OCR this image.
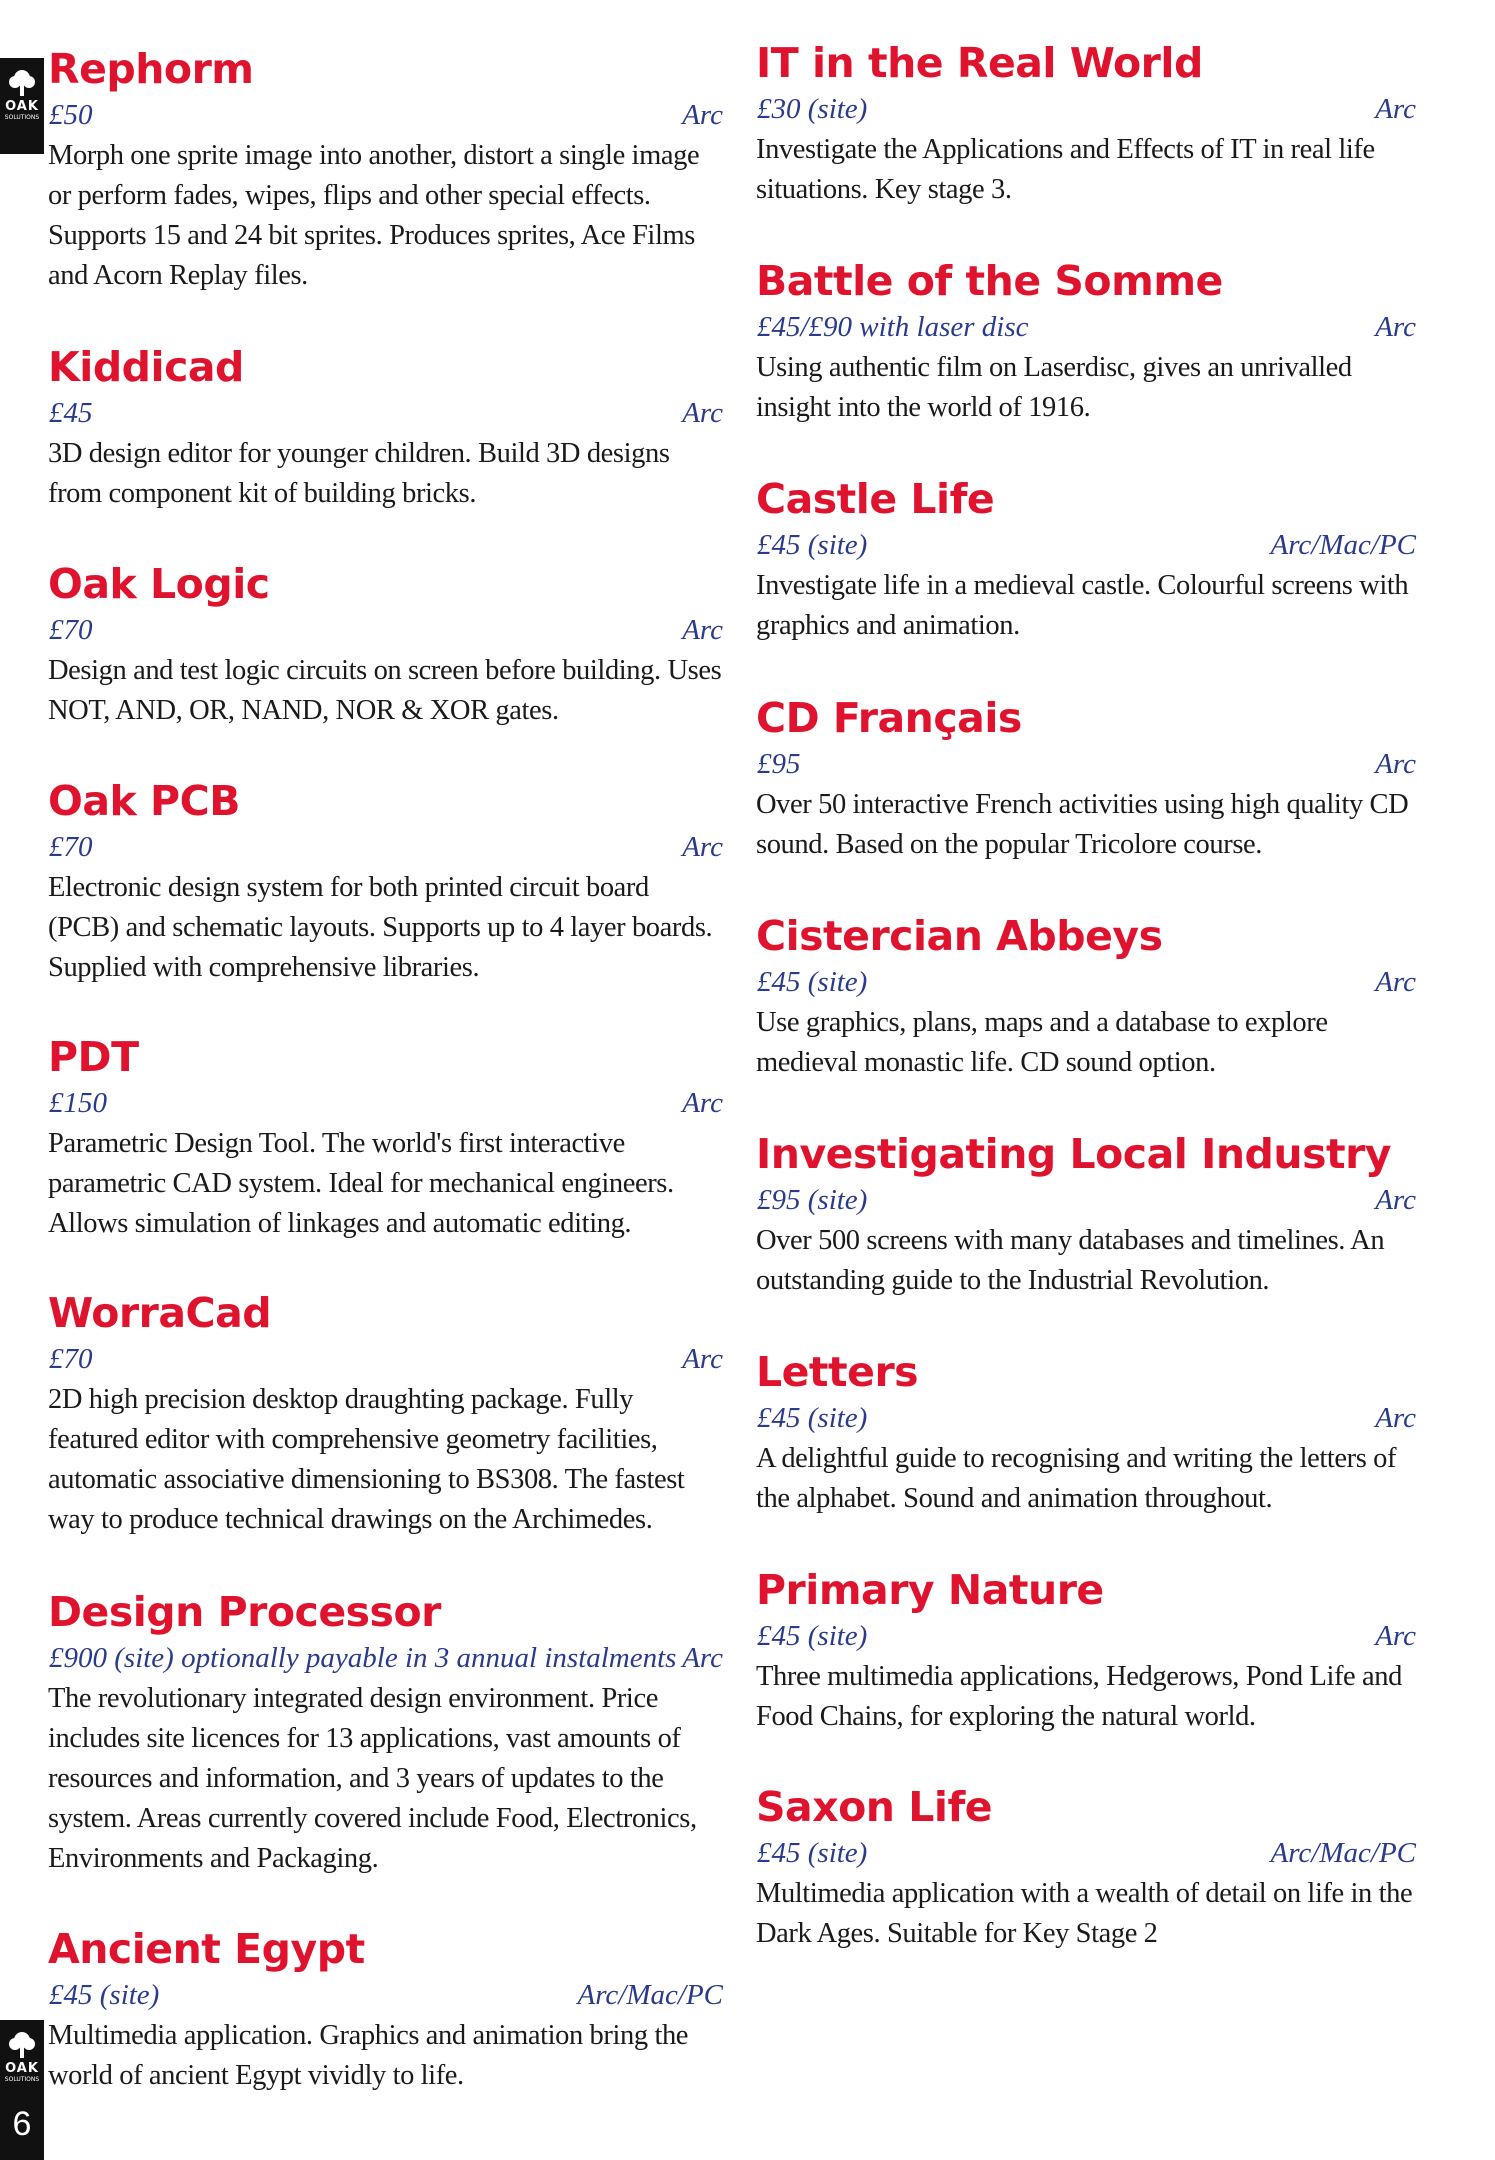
OAK
SOLUTIONS
OAK
SOLUTIONS
6
Rephorm
£50	Arc

Morph one sprite image into another, distort a single image or perform fades, wipes, flips and other special effects. Supports 15 and 24 bit sprites. Produces sprites, Ace Films and Acorn Replay files.

Kiddicad
£45	Arc

3D design editor for younger children. Build 3D designs from component kit of building bricks.

Oak Logic
£70	Arc

Design and test logic circuits on screen before building. Uses NOT, AND, OR, NAND, NOR & XOR gates.

Oak PCB
£70	Arc

Electronic design system for both printed circuit board (PCB) and schematic layouts. Supports up to 4 layer boards. Supplied with comprehensive libraries.

PDT
£150	Arc

Parametric Design Tool. The world's first interactive parametric CAD system. Ideal for mechanical engineers. Allows simulation of linkages and automatic editing.

WorraCad
£70	Arc

2D high precision desktop draughting package. Fully featured editor with comprehensive geometry facilities, automatic associative dimensioning to BS308. The fastest way to produce technical drawings on the Archimedes.

Design Processor
£900 (site) optionally payable in 3 annual instalments Arc

The revolutionary integrated design environment. Price includes site licences for 13 applications, vast amounts of resources and information, and 3 years of updates to the system. Areas currently covered include Food, Electronics, Environments and Packaging.

Ancient Egypt
£45 (site)	Arc/Mac/PC

Multimedia application. Graphics and animation bring the world of ancient Egypt vividly to life.

IT in the Real World
£30 (site)	Arc

Investigate the Applications and Effects of IT in real life situations. Key stage 3.

Battle of the Somme
£45/£90 with laser disc	Arc

Using authentic film on Laserdisc, gives an unrivalled insight into the world of 1916.

Castle Life
£45 (site)	Arc/Mac/PC

Investigate life in a medieval castle. Colourful screens with graphics and animation.

CD Français
£95	Arc

Over 50 interactive French activities using high quality CD sound. Based on the popular Tricolore course.

Cistercian Abbeys
£45 (site)	Arc

Use graphics, plans, maps and a database to explore medieval monastic life. CD sound option.

Investigating Local Industry
£95 (site)	Arc

Over 500 screens with many databases and timelines. An outstanding guide to the Industrial Revolution.

Letters
£45 (site)	Arc

A delightful guide to recognising and writing the letters of the alphabet. Sound and animation throughout.

Primary Nature
£45 (site)	Arc

Three multimedia applications, Hedgerows, Pond Life and Food Chains, for exploring the natural world.

Saxon Life
£45 (site)	Arc/Mac/PC

Multimedia application with a wealth of detail on life in the Dark Ages. Suitable for Key Stage 2
